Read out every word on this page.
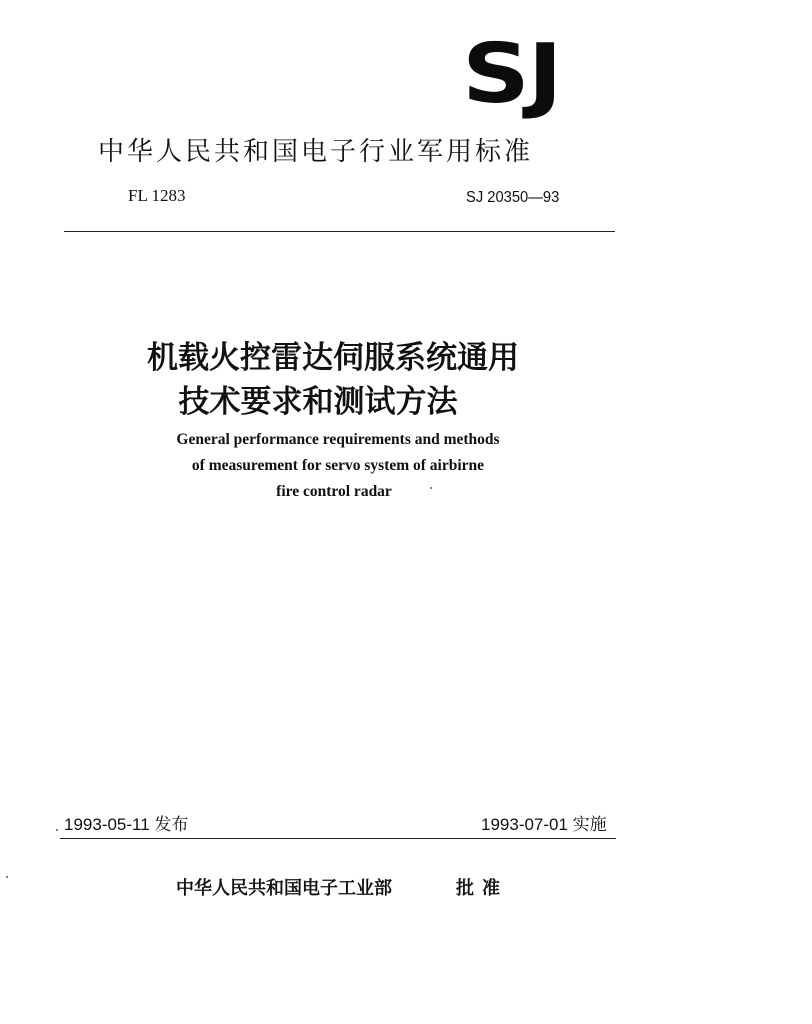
SJ
中华人民共和国电子行业军用标准
FL 1283	SJ 20350—93
机载火控雷达伺服系统通用
技术要求和测试方法
General performance requirements and methods
of measurement for servo system of airbirne
fire control radar
1993-05-11 发布	1993-07-01 实施
中华人民共和国电子工业部	批准
